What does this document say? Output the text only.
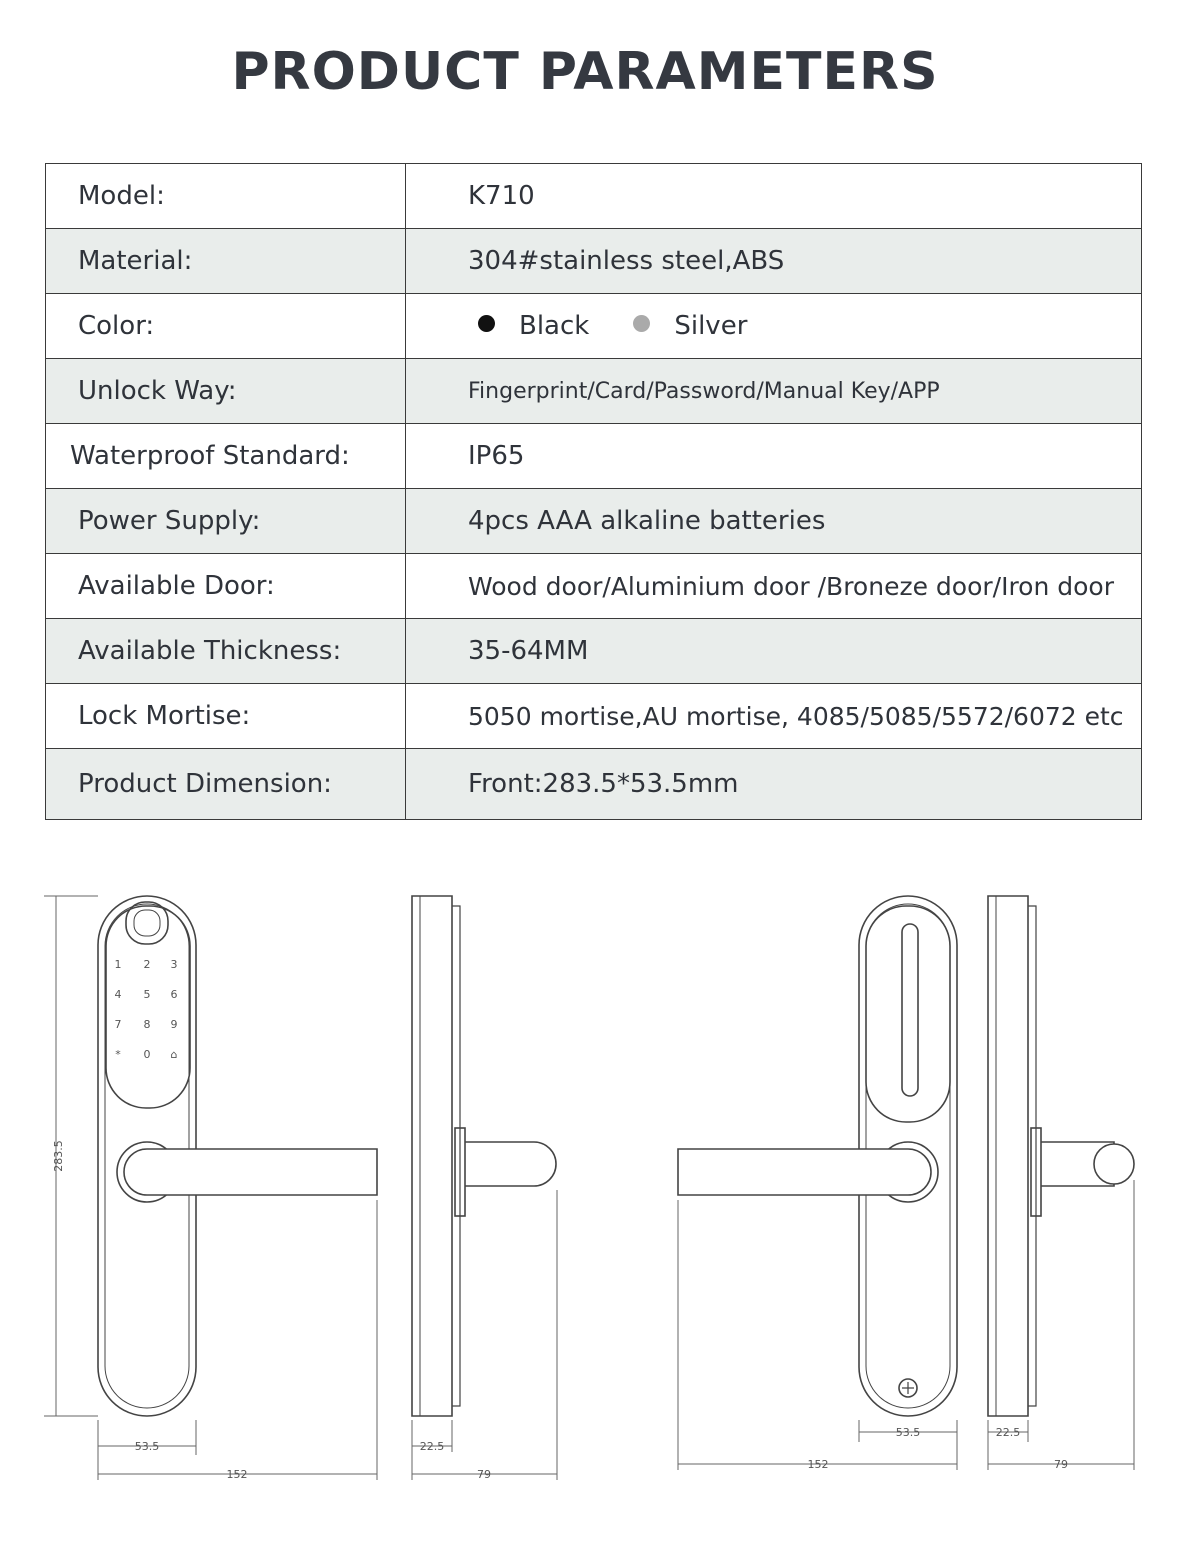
PRODUCT PARAMETERS
Model:	K710
Material:	304#stainless steel,ABS
Color:	Black Silver
Unlock Way:	Fingerprint/Card/Password/Manual Key/APP
Waterproof Standard:	IP65
Power Supply:	4pcs AAA alkaline batteries
Available Door:	Wood door/Aluminium door /Broneze door/Iron door
Available Thickness:	35-64MM
Lock Mortise:	5050 mortise,AU mortise, 4085/5085/5572/6072 etc
Product Dimension:	Front:283.5*53.5mm
1 2 3
4 5 6
7 8 9
* 0 ⌂
283.5
53.5
152
22.5
79
53.5
152
22.5
79
